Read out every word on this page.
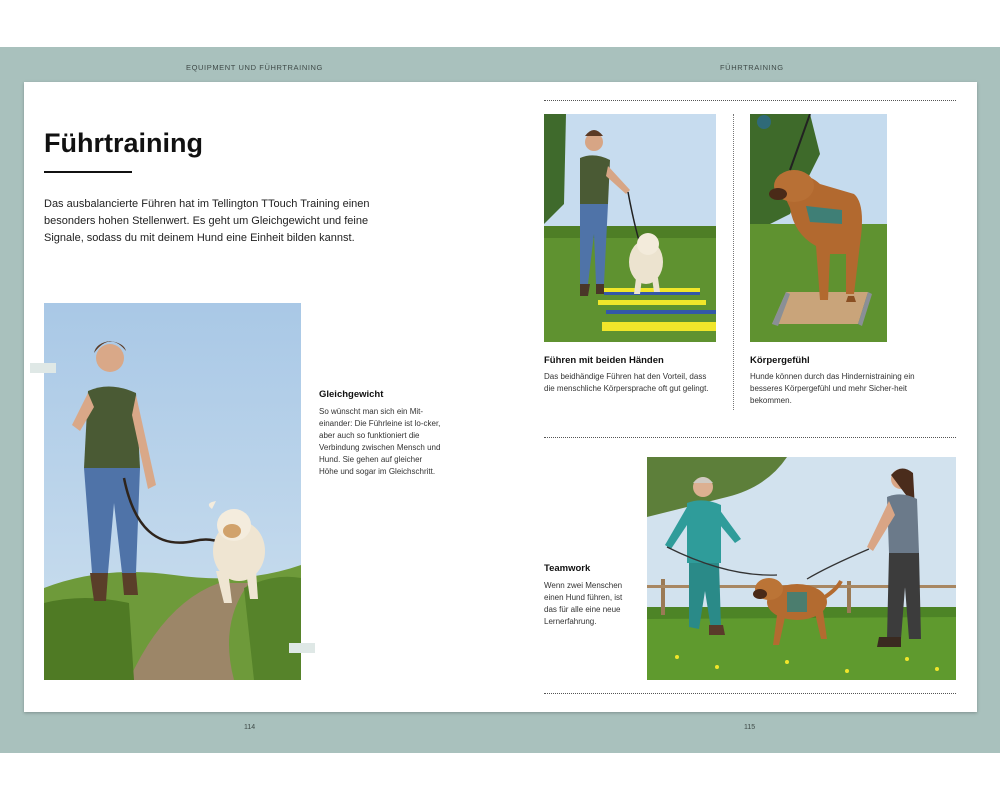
EQUIPMENT UND FÜHRTRAINING	FÜHRTRAINING
Führtraining

Das ausbalancierte Führen hat im Tellington TTouch Training einen besonders hohen Stellenwert. Es geht um Gleichgewicht und feine Signale, sodass du mit deinem Hund eine Einheit bilden kannst.

Gleichgewicht

So wünscht man sich ein Mit-einander: Die Führleine ist lo-cker, aber auch so funktioniert die Verbindung zwischen Mensch und Hund. Sie gehen auf gleicher Höhe und sogar im Gleichschritt.

114

Führen mit beiden Händen

Das beidhändige Führen hat den Vorteil, dass die menschliche Körpersprache oft gut gelingt.

Körpergefühl

Hunde können durch das Hindernistraining ein besseres Körpergefühl und mehr Sicher-heit bekommen.

Teamwork

Wenn zwei Menschen einen Hund führen, ist das für alle eine neue Lernerfahrung.

115
